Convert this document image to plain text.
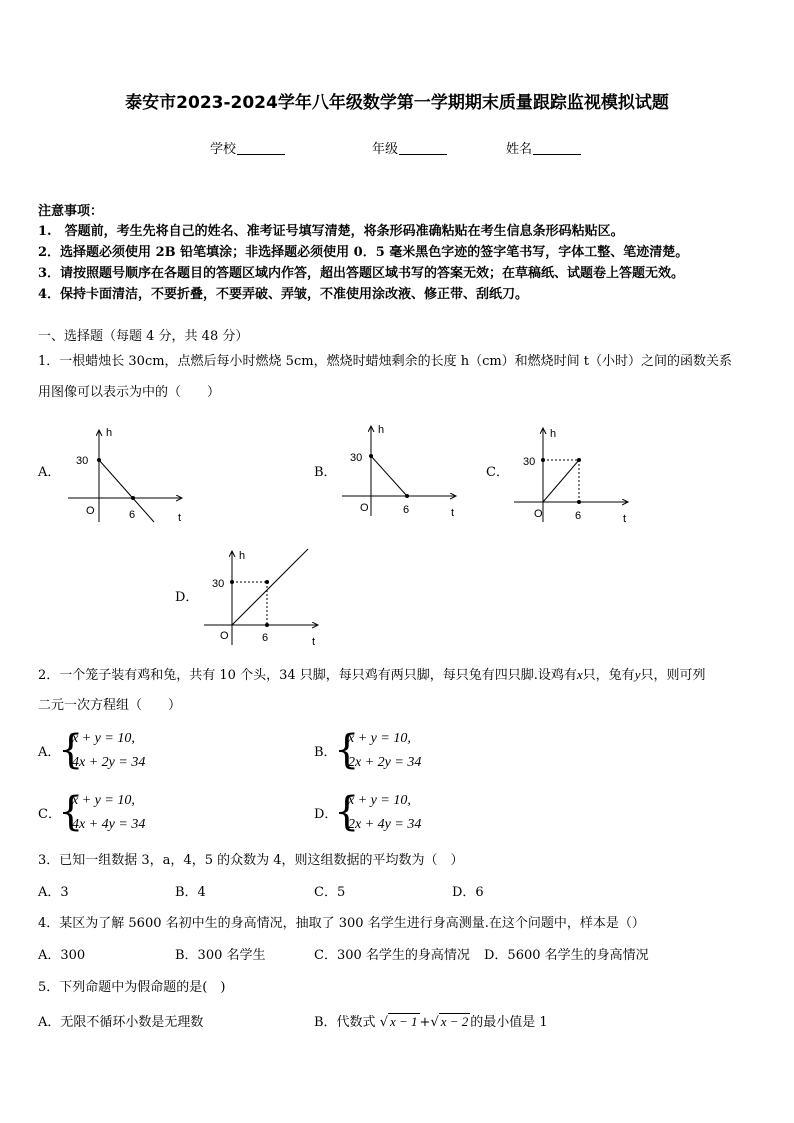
泰安市2023-2024学年八年级数学第一学期期末质量跟踪监视模拟试题
学校	年级	姓名
注意事项：
1.　答题前，考生先将自己的姓名、准考证号填写清楚，将条形码准确粘贴在考生信息条形码粘贴区。
2．选择题必须使用 2B 铅笔填涂；非选择题必须使用 0．5 毫米黑色字迹的签字笔书写，字体工整、笔迹清楚。
3．请按照题号顺序在各题目的答题区域内作答，超出答题区域书写的答案无效；在草稿纸、试题卷上答题无效。
4．保持卡面清洁，不要折叠，不要弄破、弄皱，不准使用涂改液、修正带、刮纸刀。
一、选择题（每题 4 分，共 48 分）
1．一根蜡烛长 30cm，点燃后每小时燃烧 5cm，燃烧时蜡烛剩余的长度 h（cm）和燃烧时间 t（小时）之间的函数关系
用图像可以表示为中的（　　）
A．
h
30
O	6	t
B．
h
30
O	6	t
C．
h
30
O	6	t
D．
h
30
O	6	t
2．一个笼子装有鸡和兔，共有 10 个头，34 只脚，每只鸡有两只脚，每只兔有四只脚.设鸡有x只，兔有y只，则可列
二元一次方程组（　　）
A．
{
x + y = 10,
4x + 2y = 34
B．
{
x + y = 10,
2x + 2y = 34
C．
{
x + y = 10,
4x + 4y = 34
D．
{
x + y = 10,
2x + 4y = 34
3．已知一组数据 3，a，4，5 的众数为 4，则这组数据的平均数为（　）
A．3	B．4	C．5	D．6
4．某区为了解 5600 名初中生的身高情况，抽取了 300 名学生进行身高测量.在这个问题中，样本是（）
A．300	B．300 名学生	C．300 名学生的身高情况 D．5600 名学生的身高情况
5．下列命题中为假命题的是(　)
A．无限不循环小数是无理数	B．代数式 √ x − 1 +√ x − 2 的最小值是 1
